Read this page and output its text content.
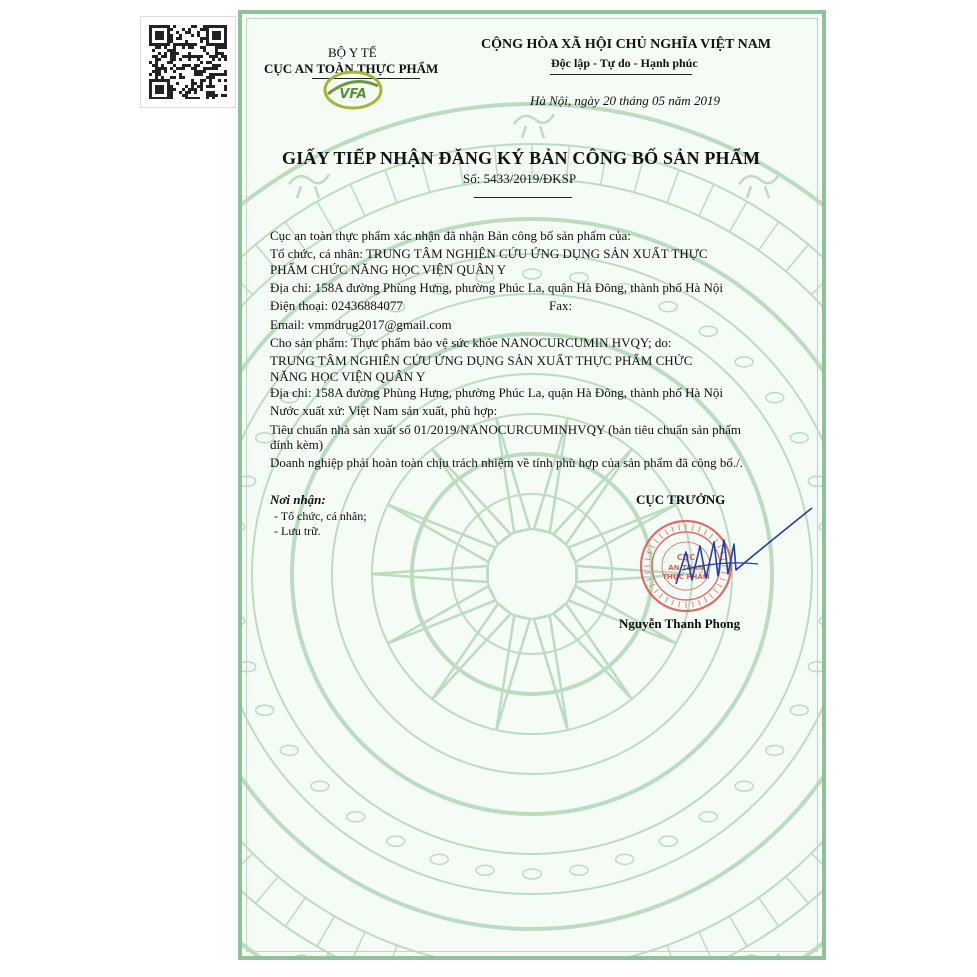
BỘ Y TẾ
CỤC AN TOÀN THỰC PHẨM
VFA
CỘNG HÒA XÃ HỘI CHỦ NGHĨA VIỆT NAM
Độc lập - Tự do - Hạnh phúc
Hà Nội, ngày 20 tháng 05 năm 2019
GIẤY TIẾP NHẬN ĐĂNG KÝ BẢN CÔNG BỐ SẢN PHẨM
Số: 5433/2019/ĐKSP
Cục an toàn thực phẩm xác nhận đã nhận Bản công bố sản phẩm của:
Tổ chức, cá nhân: TRUNG TÂM NGHIÊN CỨU ỨNG DỤNG SẢN XUẤT THỰC
PHẨM CHỨC NĂNG HỌC VIỆN QUÂN Y
Địa chỉ: 158A đường Phùng Hưng, phường Phúc La, quận Hà Đông, thành phố Hà Nội
Điện thoại: 02436884077	Fax:
Email: vmmdrug2017@gmail.com
Cho sản phẩm: Thực phẩm bảo vệ sức khỏe NANOCURCUMIN HVQY; do:
TRUNG TÂM NGHIÊN CỨU ỨNG DỤNG SẢN XUẤT THỰC PHẨM CHỨC
NĂNG HỌC VIỆN QUÂN Y
Địa chỉ: 158A đường Phùng Hưng, phường Phúc La, quận Hà Đông, thành phố Hà Nội
Nước xuất xứ: Việt Nam sản xuất, phù hợp:
Tiêu chuẩn nhà sản xuất số 01/2019/NANOCURCUMINHVQY (bản tiêu chuẩn sản phẩm
đính kèm)
Doanh nghiệp phải hoàn toàn chịu trách nhiệm về tính phù hợp của sản phẩm đã công bố./.
Nơi nhận:
- Tổ chức, cá nhân;
- Lưu trữ.
CỤC TRƯỞNG
CỤC
AN TOÀN
THỰC PHẨM
Nguyễn Thanh Phong
